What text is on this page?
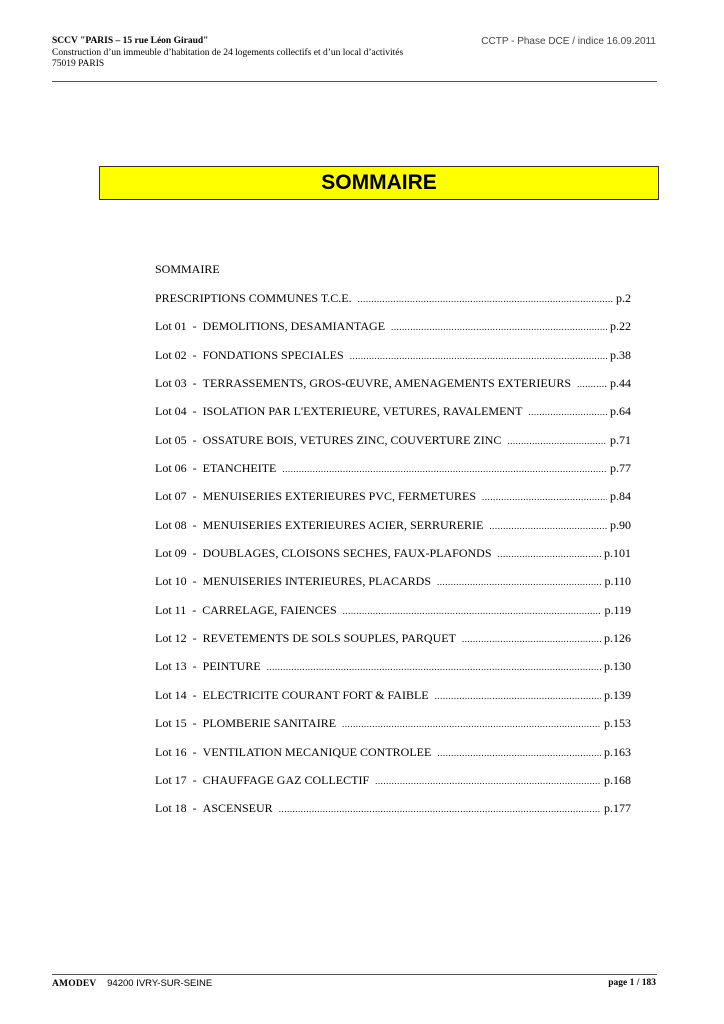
SCCV "PARIS – 15 rue Léon Giraud"
Construction d’un immeuble d’habitation de 24 logements collectifs et d’un local d’activités
75019 PARIS
CCTP - Phase DCE / indice 16.09.2011
SOMMAIRE
SOMMAIRE
PRESCRIPTIONS COMMUNES T.C.E. .....	p.2
Lot 01 - DEMOLITIONS, DESAMIANTAGE .....	p.22
Lot 02 - FONDATIONS SPECIALES .....	p.38
Lot 03 - TERRASSEMENTS, GROS-ŒUVRE, AMENAGEMENTS EXTERIEURS .....	p.44
Lot 04 - ISOLATION PAR L'EXTERIEURE, VETURES, RAVALEMENT .....	p.64
Lot 05 - OSSATURE BOIS, VETURES ZINC, COUVERTURE ZINC .....	p.71
Lot 06 - ETANCHEITE .....	p.77
Lot 07 - MENUISERIES EXTERIEURES PVC, FERMETURES .....	p.84
Lot 08 - MENUISERIES EXTERIEURES ACIER, SERRURERIE .....	p.90
Lot 09 - DOUBLAGES, CLOISONS SECHES, FAUX-PLAFONDS .....	p.101
Lot 10 - MENUISERIES INTERIEURES, PLACARDS .....	p.110
Lot 11 - CARRELAGE, FAIENCES .....	p.119
Lot 12 - REVETEMENTS DE SOLS SOUPLES, PARQUET .....	p.126
Lot 13 - PEINTURE .....	p.130
Lot 14 - ELECTRICITE COURANT FORT & FAIBLE .....	p.139
Lot 15 - PLOMBERIE SANITAIRE .....	p.153
Lot 16 - VENTILATION MECANIQUE CONTROLEE .....	p.163
Lot 17 - CHAUFFAGE GAZ COLLECTIF .....	p.168
Lot 18 - ASCENSEUR .....	p.177
AMODEV 94200 IVRY-SUR-SEINE	page 1 / 183
